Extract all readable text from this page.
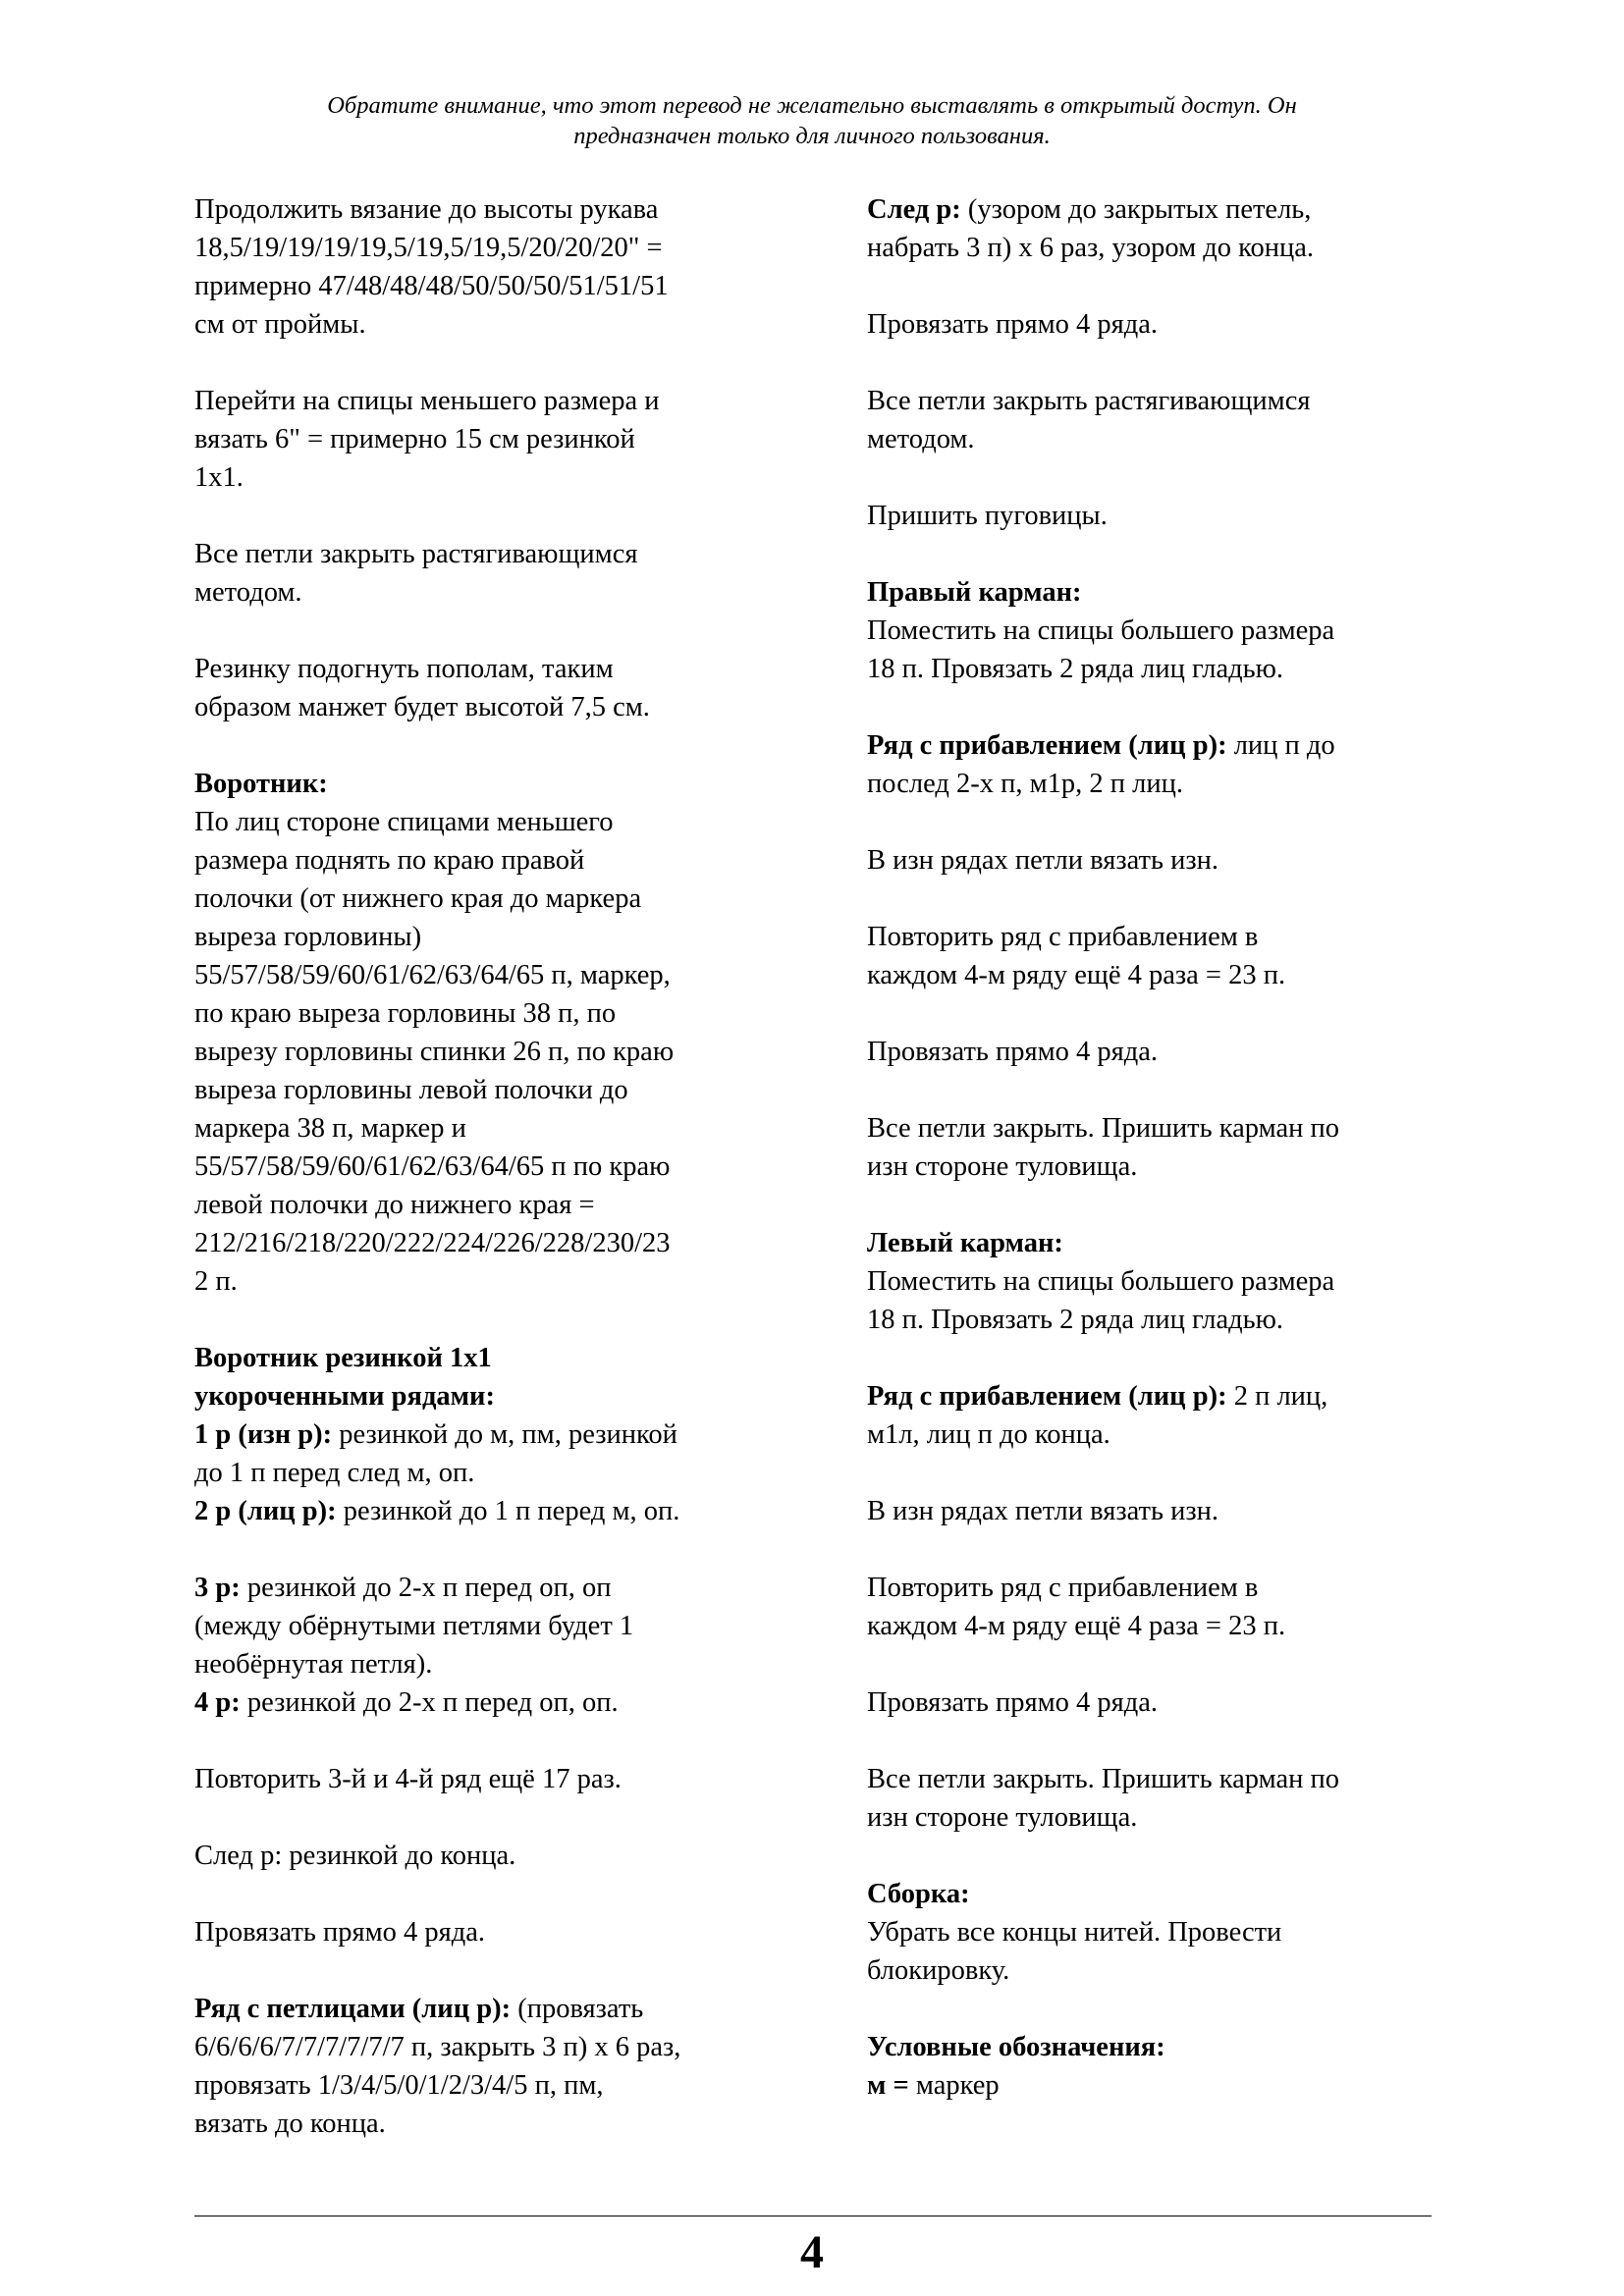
Обратите внимание, что этот перевод не желательно выставлять в открытый доступ. Он
предназначен только для личного пользования.

Продолжить вязание до высоты рукава
18,5/19/19/19/19,5/19,5/19,5/20/20/20" =
примерно 47/48/48/48/50/50/50/51/51/51
см от проймы.

Перейти на спицы меньшего размера и
вязать 6" = примерно 15 см резинкой
1x1.

Все петли закрыть растягивающимся
методом.

Резинку подогнуть пополам, таким
образом манжет будет высотой 7,5 см.

Воротник:
По лиц стороне спицами меньшего
размера поднять по краю правой
полочки (от нижнего края до маркера
выреза горловины)
55/57/58/59/60/61/62/63/64/65 п, маркер,
по краю выреза горловины 38 п, по
вырезу горловины спинки 26 п, по краю
выреза горловины левой полочки до
маркера 38 п, маркер и
55/57/58/59/60/61/62/63/64/65 п по краю
левой полочки до нижнего края =
212/216/218/220/222/224/226/228/230/23
2 п.

Воротник резинкой 1х1
укороченными рядами:
1 р (изн р): резинкой до м, пм, резинкой
до 1 п перед след м, оп.
2 р (лиц р): резинкой до 1 п перед м, оп.

3 р: резинкой до 2-х п перед оп, оп
(между обёрнутыми петлями будет 1
необёрнутая петля).
4 р: резинкой до 2-х п перед оп, оп.

Повторить 3-й и 4-й ряд ещё 17 раз.

След р: резинкой до конца.

Провязать прямо 4 ряда.

Ряд с петлицами (лиц р): (провязать
6/6/6/6/7/7/7/7/7/7 п, закрыть 3 п) х 6 раз,
провязать 1/3/4/5/0/1/2/3/4/5 п, пм,
вязать до конца.

След р: (узором до закрытых петель,
набрать 3 п) х 6 раз, узором до конца.

Провязать прямо 4 ряда.

Все петли закрыть растягивающимся
методом.

Пришить пуговицы.

Правый карман:
Поместить на спицы большего размера
18 п. Провязать 2 ряда лиц гладью.

Ряд с прибавлением (лиц р): лиц п до
послед 2-х п, м1р, 2 п лиц.

В изн рядах петли вязать изн.

Повторить ряд с прибавлением в
каждом 4-м ряду ещё 4 раза = 23 п.

Провязать прямо 4 ряда.

Все петли закрыть. Пришить карман по
изн стороне туловища.

Левый карман:
Поместить на спицы большего размера
18 п. Провязать 2 ряда лиц гладью.

Ряд с прибавлением (лиц р): 2 п лиц,
м1л, лиц п до конца.

В изн рядах петли вязать изн.

Повторить ряд с прибавлением в
каждом 4-м ряду ещё 4 раза = 23 п.

Провязать прямо 4 ряда.

Все петли закрыть. Пришить карман по
изн стороне туловища.

Сборка:
Убрать все концы нитей. Провести
блокировку.

Условные обозначения:
м = маркер

4
